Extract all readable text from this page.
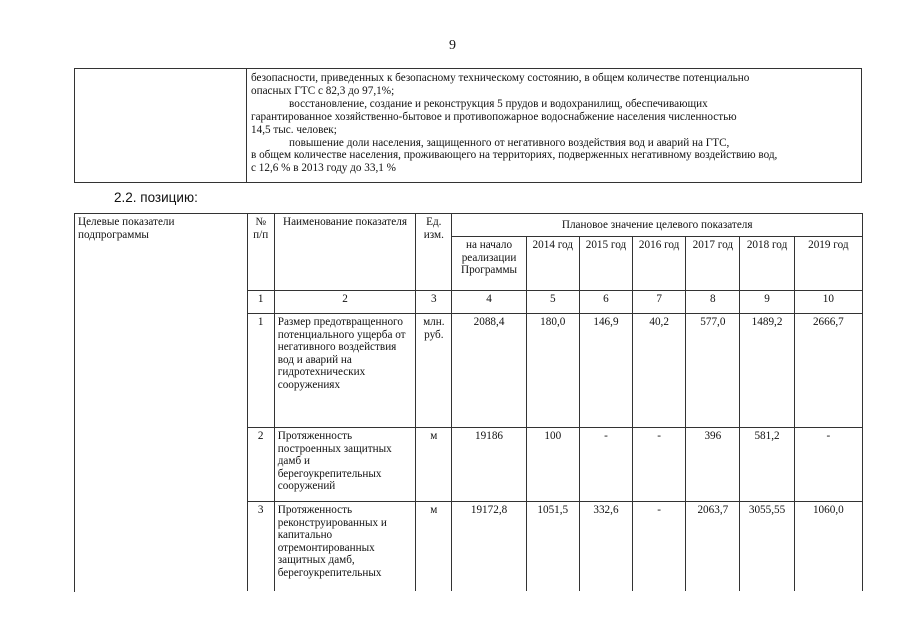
9
безопасности, приведенных к безопасному техническому состоянию, в общем количестве потенциально
опасных ГТС с 82,3 до 97,1%;
восстановление, создание и реконструкция 5 прудов и водохранилищ, обеспечивающих
гарантированное хозяйственно-бытовое и противопожарное водоснабжение населения численностью
14,5 тыс. человек;
повышение доли населения, защищенного от негативного воздействия вод и аварий на ГТС,
в общем количестве населения, проживающего на территориях, подверженных негативному воздействию вод,
с 12,6 % в 2013 году до 33,1 %
2.2. позицию:
Целевые показатели подпрограммы	№ п/п	Наименование показателя	Ед. изм.	Плановое значение целевого показателя						
				на начало реализации Программы	2014 год	2015 год	2016 год	2017 год	2018 год	2019 год
	1	2	3	4	5	6	7	8	9	10
	1	Размер предотвращенного потенциального ущерба от негативного воздействия вод и аварий на гидротехнических сооружениях	млн. руб.	2088,4	180,0	146,9	40,2	577,0	1489,2	2666,7
	2	Протяженность построенных защитных дамб и берегоукрепительных сооружений	м	19186	100	-	-	396	581,2	-
	3	Протяженность реконструированных и капитально отремонтированных защитных дамб, берегоукрепительных	м	19172,8	1051,5	332,6	-	2063,7	3055,55	1060,0
